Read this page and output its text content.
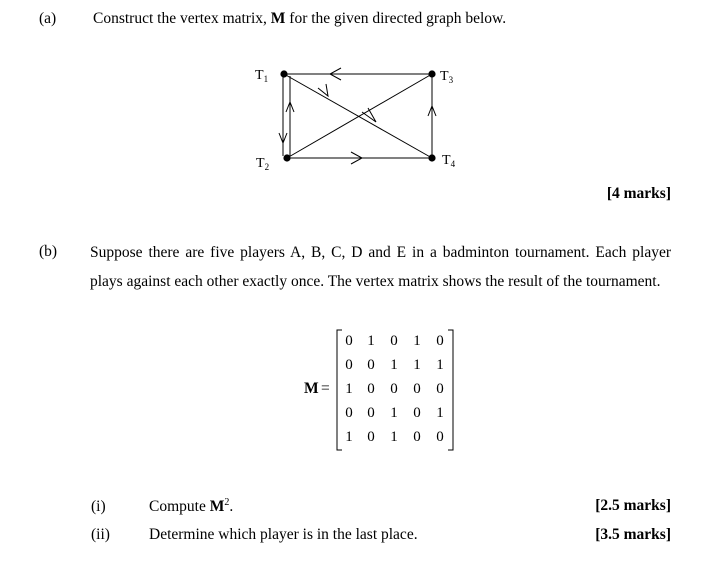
(a) Construct the vertex matrix, M for the given directed graph below.
$T_1$
$T_2$
$T_3$
$T_4$
[4 marks]
(b) Suppose there are five players A, B, C, D and E in a badminton tournament. Each player plays against each other exactly once. The vertex matrix shows the result of the tournament.
M =
0 1 0 1 0
0 0 1 1 1
1 0 0 0 0
0 0 1 0 1
1 0 1 0 0
(i)	Compute $M^2$.	[2.5 marks]
(ii)	Determine which player is in the last place.	[3.5 marks]
